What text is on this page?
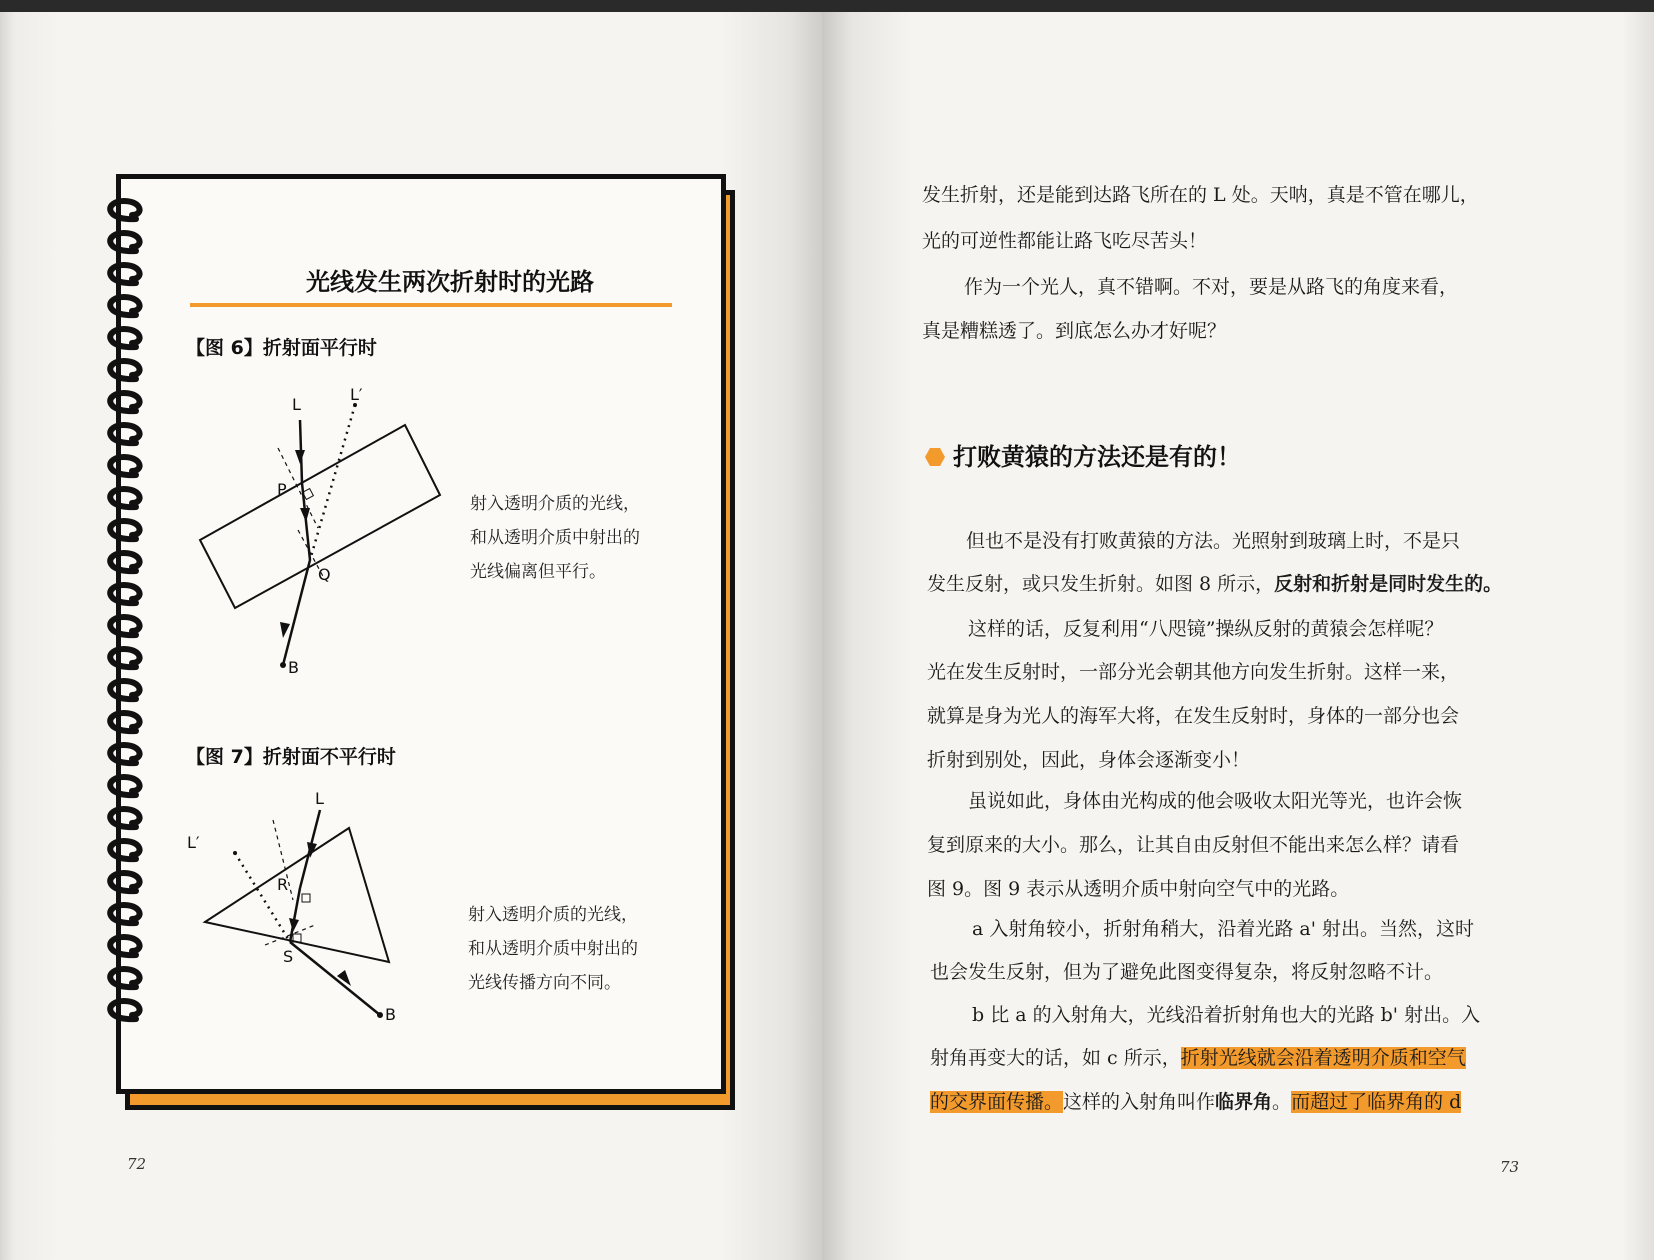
光线发生两次折射时的光路
【图 6】折射面平行时
L
L′
P
Q
B
射入透明介质的光线，
和从透明介质中射出的
光线偏离但平行。
【图 7】折射面不平行时
L
L′
R
S
B
射入透明介质的光线，
和从透明介质中射出的
光线传播方向不同。
72
发生折射，还是能到达路飞所在的 L 处。天呐，真是不管在哪儿，
光的可逆性都能让路飞吃尽苦头！
作为一个光人，真不错啊。不对，要是从路飞的角度来看，
真是糟糕透了。到底怎么办才好呢？
打败黄猿的方法还是有的！
但也不是没有打败黄猿的方法。光照射到玻璃上时，不是只
发生反射，或只发生折射。如图 8 所示，反射和折射是同时发生的。
这样的话，反复利用“八咫镜”操纵反射的黄猿会怎样呢？
光在发生反射时，一部分光会朝其他方向发生折射。这样一来，
就算是身为光人的海军大将，在发生反射时，身体的一部分也会
折射到别处，因此，身体会逐渐变小！
虽说如此，身体由光构成的他会吸收太阳光等光，也许会恢
复到原来的大小。那么，让其自由反射但不能出来怎么样？请看
图 9。图 9 表示从透明介质中射向空气中的光路。
a 入射角较小，折射角稍大，沿着光路 a' 射出。当然，这时
也会发生反射，但为了避免此图变得复杂，将反射忽略不计。
b 比 a 的入射角大，光线沿着折射角也大的光路 b' 射出。入
射角再变大的话，如 c 所示，折射光线就会沿着透明介质和空气
的交界面传播。这样的入射角叫作临界角。而超过了临界角的 d
73
